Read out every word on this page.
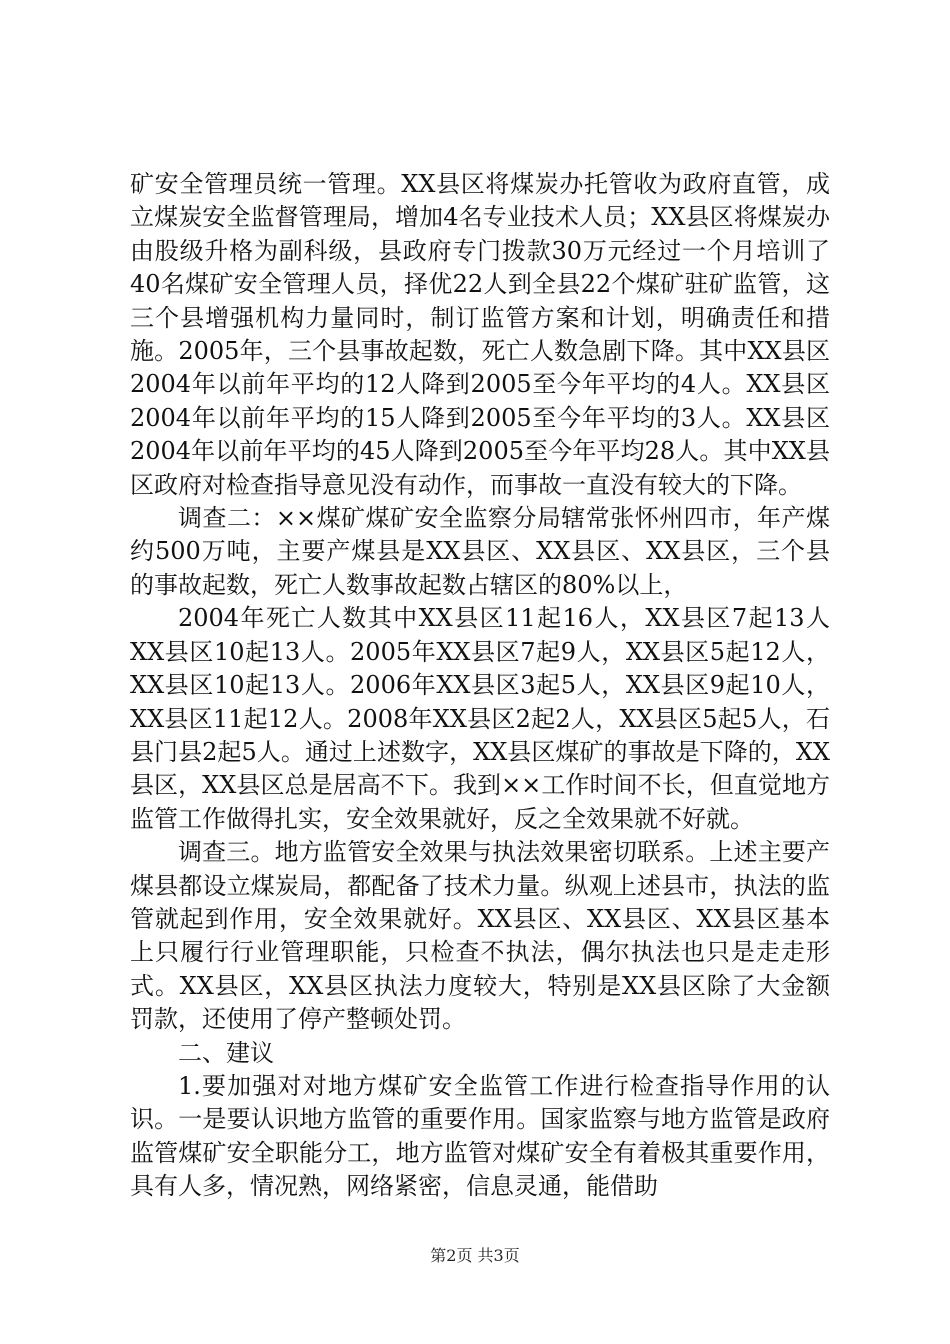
矿安全管理员统一管理。XX县区将煤炭办托管收为政府直管，成立煤炭安全监督管理局，增加4名专业技术人员；XX县区将煤炭办由股级升格为副科级，县政府专门拨款30万元经过一个月培训了40名煤矿安全管理人员，择优22人到全县22个煤矿驻矿监管，这三个县增强机构力量同时，制订监管方案和计划，明确责任和措施。2005年，三个县事故起数，死亡人数急剧下降。其中XX县区2004年以前年平均的12人降到2005至今年平均的4人。XX县区2004年以前年平均的15人降到2005至今年平均的3人。XX县区2004年以前年平均的45人降到2005至今年平均28人。其中XX县区政府对检查指导意见没有动作，而事故一直没有较大的下降。

调查二：××煤矿煤矿安全监察分局辖常张怀州四市，年产煤约500万吨，主要产煤县是XX县区、XX县区、XX县区，三个县的事故起数，死亡人数事故起数占辖区的80%以上，

2004年死亡人数其中XX县区11起16人，XX县区7起13人XX县区10起13人。2005年XX县区7起9人，XX县区5起12人，XX县区10起13人。2006年XX县区3起5人，XX县区9起10人，XX县区11起12人。2008年XX县区2起2人，XX县区5起5人，石县门县2起5人。通过上述数字，XX县区煤矿的事故是下降的，XX县区，XX县区总是居高不下。我到××工作时间不长，但直觉地方监管工作做得扎实，安全效果就好，反之全效果就不好就。

调查三。地方监管安全效果与执法效果密切联系。上述主要产煤县都设立煤炭局，都配备了技术力量。纵观上述县市，执法的监管就起到作用，安全效果就好。XX县区、XX县区、XX县区基本上只履行行业管理职能，只检查不执法，偶尔执法也只是走走形式。XX县区，XX县区执法力度较大，特别是XX县区除了大金额罚款，还使用了停产整顿处罚。

二、建议

1.要加强对对地方煤矿安全监管工作进行检查指导作用的认识。一是要认识地方监管的重要作用。国家监察与地方监管是政府监管煤矿安全职能分工，地方监管对煤矿安全有着极其重要作用，具有人多，情况熟，网络紧密，信息灵通，能借助

第2页 共3页
